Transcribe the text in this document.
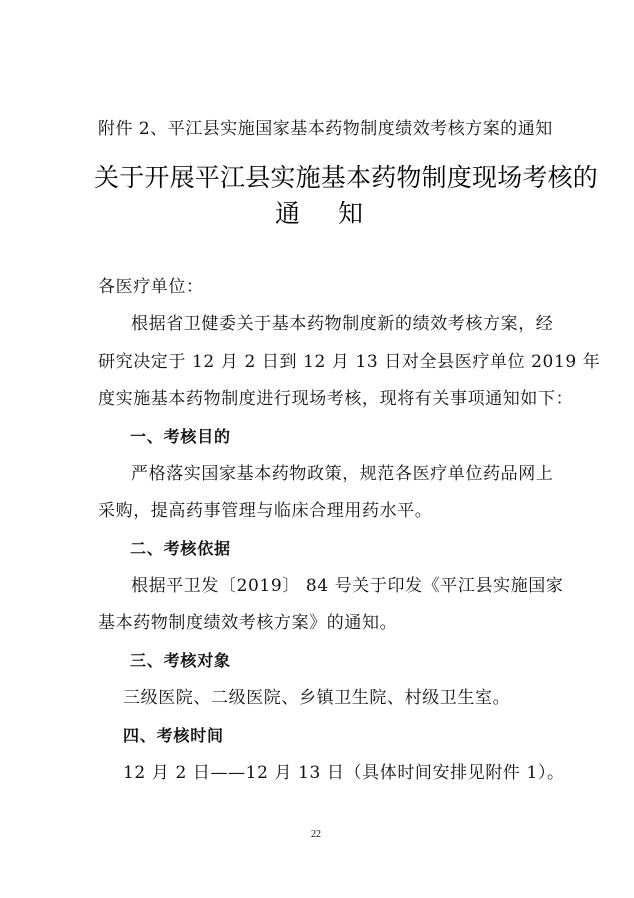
附件 2、平江县实施国家基本药物制度绩效考核方案的通知
关于开展平江县实施基本药物制度现场考核的
通 知
各医疗单位：
根据省卫健委关于基本药物制度新的绩效考核方案，经
研究决定于 12 月 2 日到 12 月 13 日对全县医疗单位 2019 年
度实施基本药物制度进行现场考核，现将有关事项通知如下：
一、考核目的
严格落实国家基本药物政策，规范各医疗单位药品网上
采购，提高药事管理与临床合理用药水平。
二、考核依据
根据平卫发〔2019〕 84 号关于印发《平江县实施国家
基本药物制度绩效考核方案》的通知。
三、考核对象
三级医院、二级医院、乡镇卫生院、村级卫生室。
四、考核时间
12 月 2 日——12 月 13 日（具体时间安排见附件 1）。
22
